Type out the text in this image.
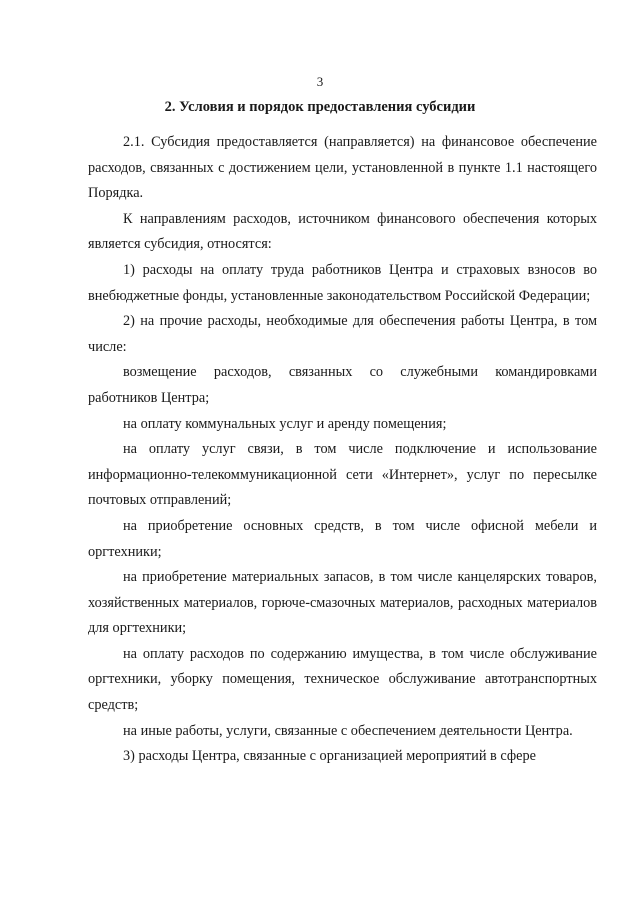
3
2. Условия и порядок предоставления субсидии

2.1. Субсидия предоставляется (направляется) на финансовое обеспечение расходов, связанных с достижением цели, установленной в пункте 1.1 настоящего Порядка.

К направлениям расходов, источником финансового обеспечения которых является субсидия, относятся:

1) расходы на оплату труда работников Центра и страховых взносов во внебюджетные фонды, установленные законодательством Российской Федерации;

2) на прочие расходы, необходимые для обеспечения работы Центра, в том числе:

возмещение расходов, связанных со служебными командировками работников Центра;

на оплату коммунальных услуг и аренду помещения;

на оплату услуг связи, в том числе подключение и использование информационно-телекоммуникационной сети «Интернет», услуг по пересылке почтовых отправлений;

на приобретение основных средств, в том числе офисной мебели и оргтехники;

на приобретение материальных запасов, в том числе канцелярских товаров, хозяйственных материалов, горюче-смазочных материалов, расходных материалов для оргтехники;

на оплату расходов по содержанию имущества, в том числе обслуживание оргтехники, уборку помещения, техническое обслуживание автотранспортных средств;

на иные работы, услуги, связанные с обеспечением деятельности Центра.

3) расходы Центра, связанные с организацией мероприятий в сфере
